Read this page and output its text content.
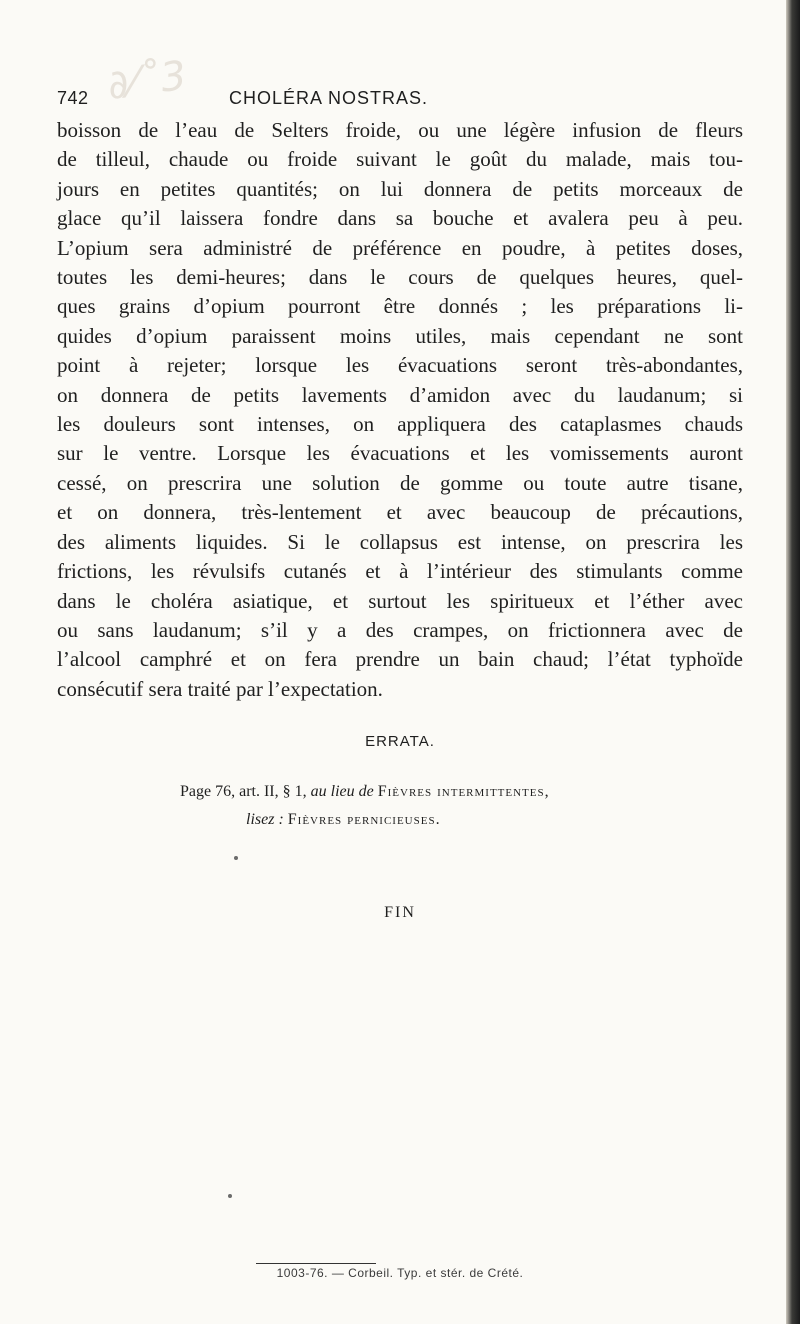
∂⁄˚3
742	CHOLÉRA NOSTRAS.
boisson de l’eau de Selters froide, ou une légère infusion de fleurs
de tilleul, chaude ou froide suivant le goût du malade, mais tou-
jours en petites quantités; on lui donnera de petits morceaux de
glace qu’il laissera fondre dans sa bouche et avalera peu à peu.
L’opium sera administré de préférence en poudre, à petites doses,
toutes les demi-heures; dans le cours de quelques heures, quel-
ques grains d’opium pourront être donnés ; les préparations li-
quides d’opium paraissent moins utiles, mais cependant ne sont
point à rejeter; lorsque les évacuations seront très-abondantes,
on donnera de petits lavements d’amidon avec du laudanum; si
les douleurs sont intenses, on appliquera des cataplasmes chauds
sur le ventre. Lorsque les évacuations et les vomissements auront
cessé, on prescrira une solution de gomme ou toute autre tisane,
et on donnera, très-lentement et avec beaucoup de précautions,
des aliments liquides. Si le collapsus est intense, on prescrira les
frictions, les révulsifs cutanés et à l’intérieur des stimulants comme
dans le choléra asiatique, et surtout les spiritueux et l’éther avec
ou sans laudanum; s’il y a des crampes, on frictionnera avec de
l’alcool camphré et on fera prendre un bain chaud; l’état typhoïde
consécutif sera traité par l’expectation.
ERRATA.
Page 76, art. II, § 1, au lieu de Fièvres intermittentes,
lisez : Fièvres pernicieuses.
FIN
1003-76. — Corbeil. Typ. et stér. de Crété.
